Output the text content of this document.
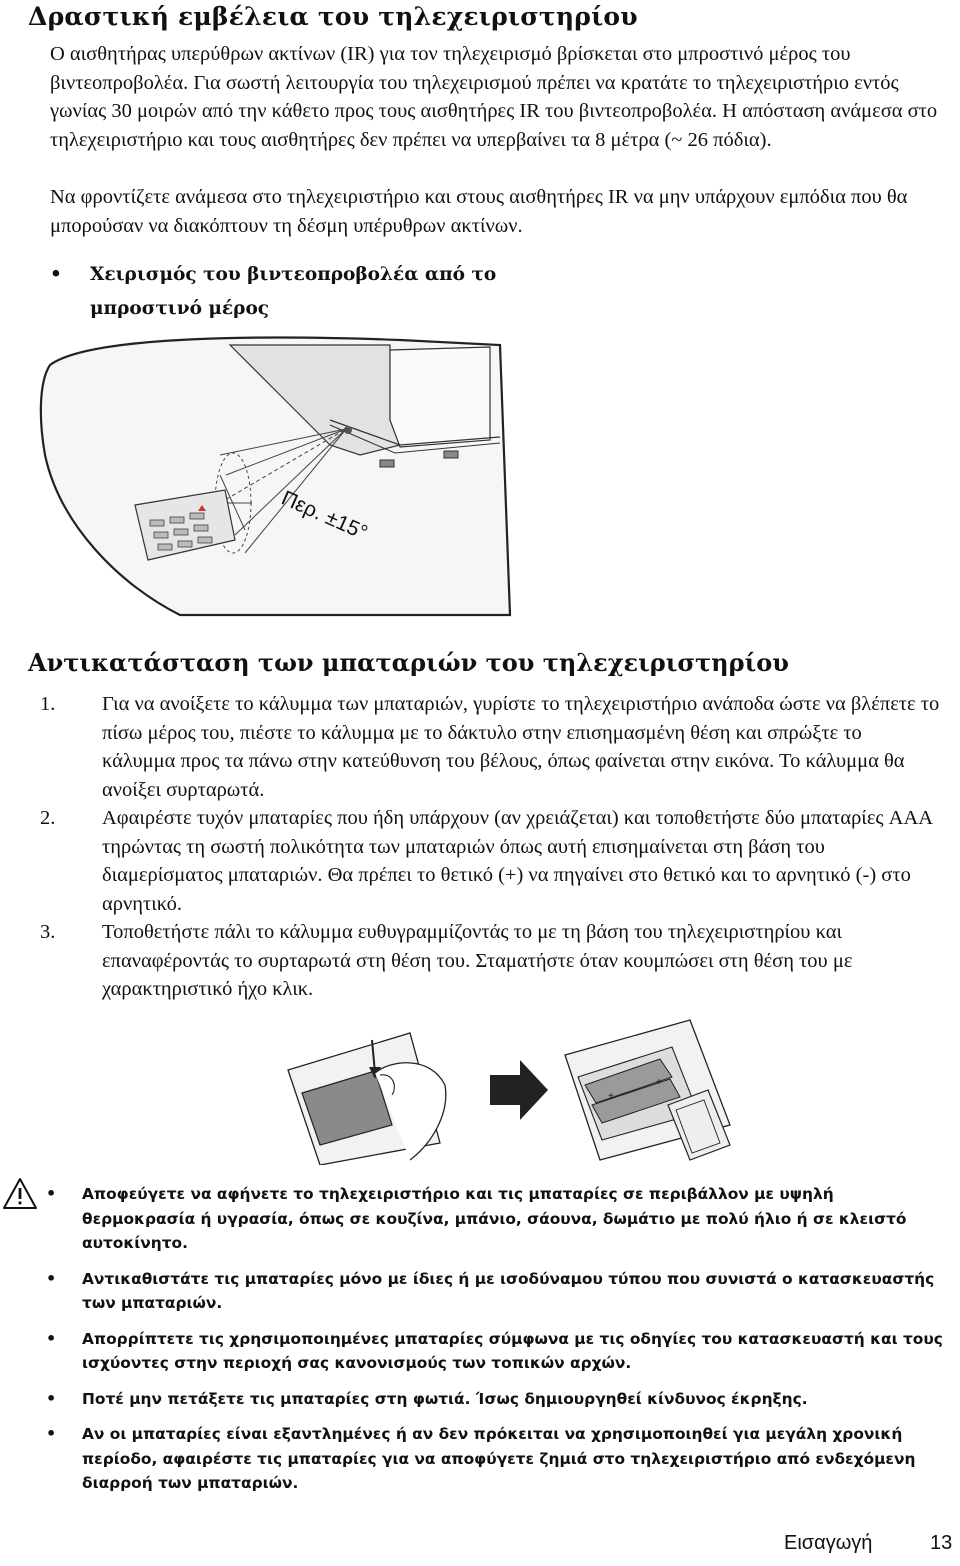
Δραστική εμβέλεια του τηλεχειριστηρίου

Ο αισθητήρας υπερύθρων ακτίνων (IR) για τον τηλεχειρισμό βρίσκεται στο μπροστινό μέρος του βιντεοπροβολέα. Για σωστή λειτουργία του τηλεχειρισμού πρέπει να κρατάτε το τηλεχειριστήριο εντός γωνίας 30 μοιρών από την κάθετο προς τους αισθητήρες IR του βιντεοπροβολέα. Η απόσταση ανάμεσα στο τηλεχειριστήριο και τους αισθητήρες δεν πρέπει να υπερβαίνει τα 8 μέτρα (~ 26 πόδια).

Να φροντίζετε ανάμεσα στο τηλεχειριστήριο και στους αισθητήρες IR να μην υπάρχουν εμπόδια που θα μπορούσαν να διακόπτουν τη δέσμη υπέρυθρων ακτίνων.

• Χειρισμός του βιντεοπροβολέα από το μπροστινό μέρος
Περ. ±15°
Αντικατάσταση των μπαταριών του τηλεχειριστηρίου
1.	Για να ανοίξετε το κάλυμμα των μπαταριών, γυρίστε το τηλεχειριστήριο ανάποδα ώστε να βλέπετε το πίσω μέρος του, πιέστε το κάλυμμα με το δάκτυλο στην επισημασμένη θέση και σπρώξτε το κάλυμμα προς τα πάνω στην κατεύθυνση του βέλους, όπως φαίνεται στην εικόνα. Το κάλυμμα θα ανοίξει συρταρωτά.
2.	Αφαιρέστε τυχόν μπαταρίες που ήδη υπάρχουν (αν χρειάζεται) και τοποθετήστε δύο μπαταρίες AAA τηρώντας τη σωστή πολικότητα των μπαταριών όπως αυτή επισημαίνεται στη βάση του διαμερίσματος μπαταριών. Θα πρέπει το θετικό (+) να πηγαίνει στο θετικό και το αρνητικό (-) στο αρνητικό.
3.	Τοποθετήστε πάλι το κάλυμμα ευθυγραμμίζοντάς το με τη βάση του τηλεχειριστηρίου και επαναφέροντάς το συρταρωτά στη θέση του. Σταματήστε όταν κουμπώσει στη θέση του με χαρακτηριστικό ήχο κλικ.
+
+
• Αποφεύγετε να αφήνετε το τηλεχειριστήριο και τις μπαταρίες σε περιβάλλον με υψηλή θερμοκρασία ή υγρασία, όπως σε κουζίνα, μπάνιο, σάουνα, δωμάτιο με πολύ ήλιο ή σε κλειστό αυτοκίνητο.
• Αντικαθιστάτε τις μπαταρίες μόνο με ίδιες ή με ισοδύναμου τύπου που συνιστά ο κατασκευαστής των μπαταριών.
• Απορρίπτετε τις χρησιμοποιημένες μπαταρίες σύμφωνα με τις οδηγίες του κατασκευαστή και τους ισχύοντες στην περιοχή σας κανονισμούς των τοπικών αρχών.
• Ποτέ μην πετάξετε τις μπαταρίες στη φωτιά. Ίσως δημιουργηθεί κίνδυνος έκρηξης.
• Αν οι μπαταρίες είναι εξαντλημένες ή αν δεν πρόκειται να χρησιμοποιηθεί για μεγάλη χρονική περίοδο, αφαιρέστε τις μπαταρίες για να αποφύγετε ζημιά στο τηλεχειριστήριο από ενδεχόμενη διαρροή των μπαταριών.
Εισαγωγή	13
